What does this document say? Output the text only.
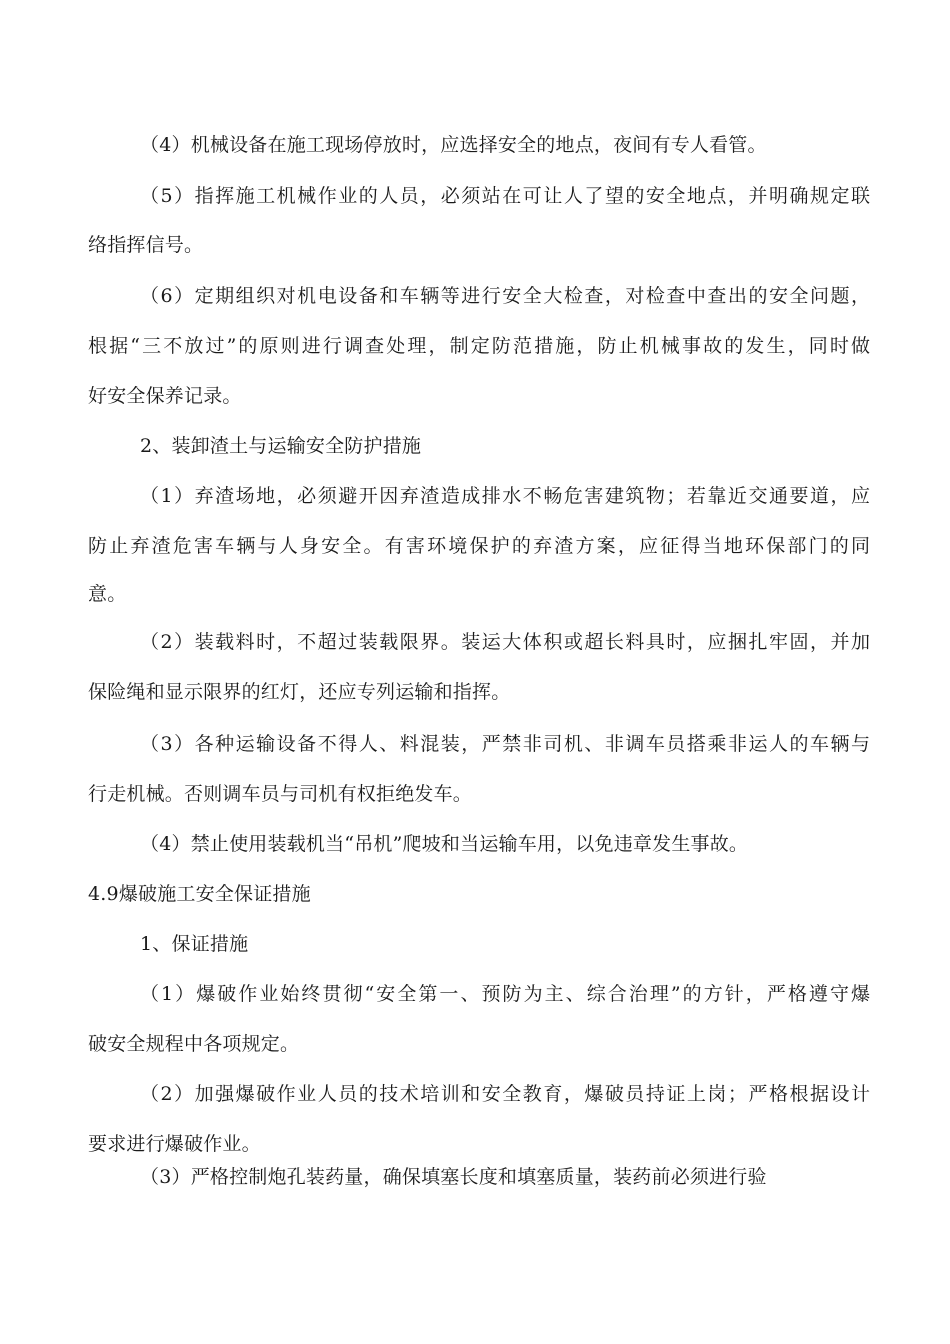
（4）机械设备在施工现场停放时，应选择安全的地点，夜间有专人看管。
（5）指挥施工机械作业的人员，必须站在可让人了望的安全地点，并明确规定联
络指挥信号。
（6）定期组织对机电设备和车辆等进行安全大检查，对检查中查出的安全问题，
根据“三不放过”的原则进行调查处理，制定防范措施，防止机械事故的发生，同时做
好安全保养记录。
2、装卸渣土与运输安全防护措施
（1）弃渣场地，必须避开因弃渣造成排水不畅危害建筑物；若靠近交通要道，应
防止弃渣危害车辆与人身安全。有害环境保护的弃渣方案，应征得当地环保部门的同
意。
（2）装载料时，不超过装载限界。装运大体积或超长料具时，应捆扎牢固，并加
保险绳和显示限界的红灯，还应专列运输和指挥。
（3）各种运输设备不得人、料混装，严禁非司机、非调车员搭乘非运人的车辆与
行走机械。否则调车员与司机有权拒绝发车。
（4）禁止使用装载机当“吊机”爬坡和当运输车用，以免违章发生事故。
4.9爆破施工安全保证措施
1、保证措施
（1）爆破作业始终贯彻“安全第一、预防为主、综合治理”的方针，严格遵守爆
破安全规程中各项规定。
（2）加强爆破作业人员的技术培训和安全教育，爆破员持证上岗；严格根据设计
要求进行爆破作业。
（3）严格控制炮孔装药量，确保填塞长度和填塞质量，装药前必须进行验
